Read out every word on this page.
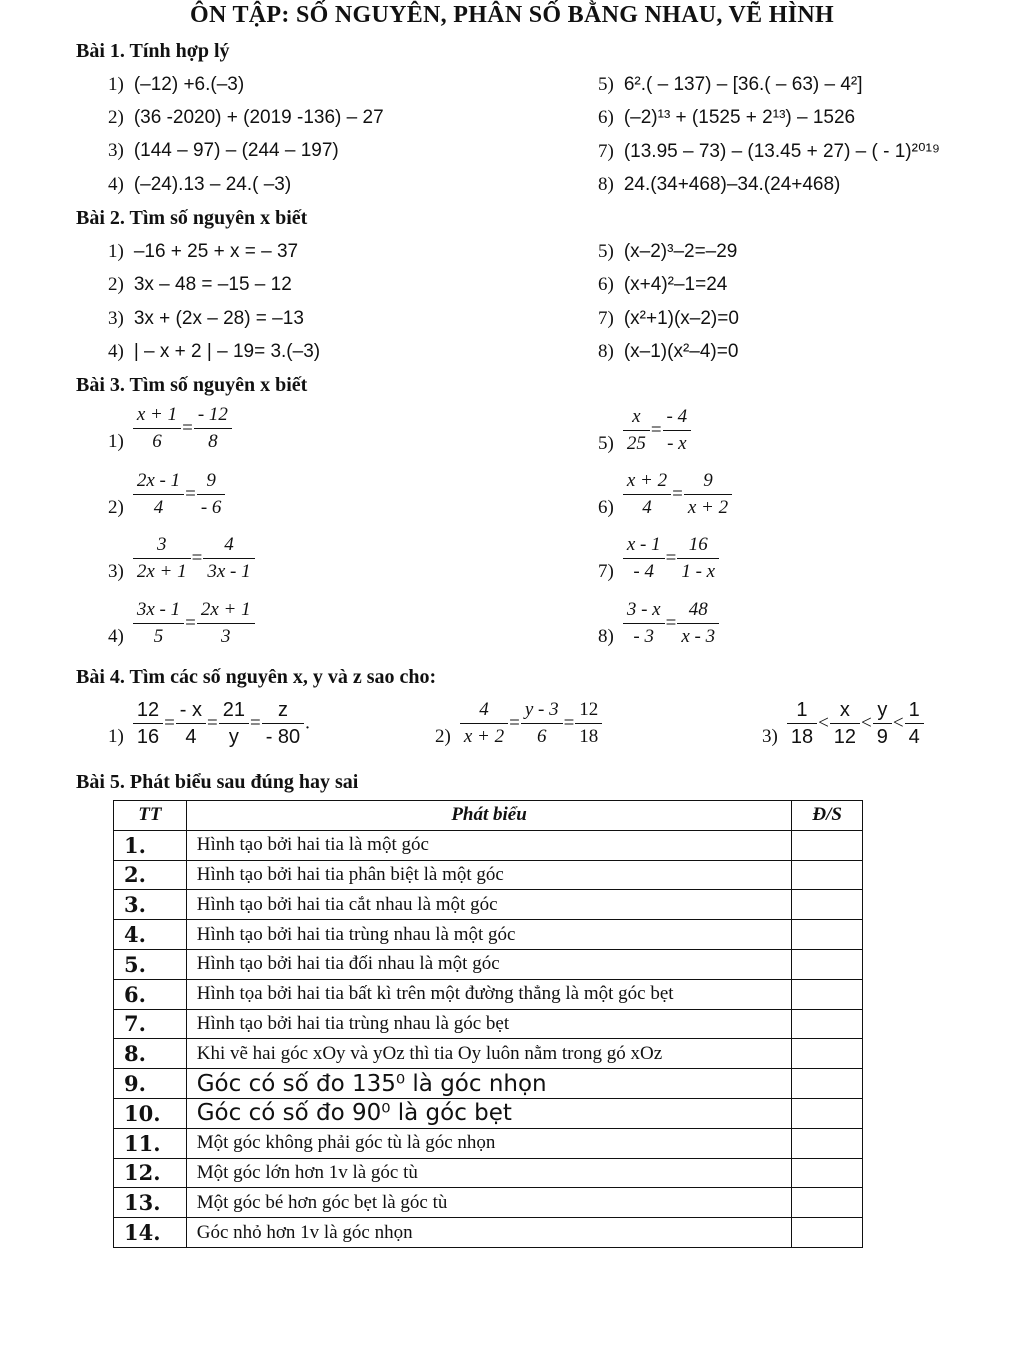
ÔN TẬP: SỐ NGUYÊN, PHÂN SỐ BẰNG NHAU, VẼ HÌNH
Bài 1. Tính hợp lý
1) (–12) +6.(–3)
2) (36 -2020) + (2019 -136) – 27
3) (144 – 97) – (244 – 197)
4) (–24).13 – 24.( –3)
5) 6².( – 137) – [36.( – 63) – 4²]
6) (–2)¹³ + (1525 + 2¹³) – 1526
7) (13.95 – 73) – (13.45 + 27) – ( - 1)²⁰¹⁹
8) 24.(34+468)–34.(24+468)
Bài 2. Tìm số nguyên x biết
1) –16 + 25 + x = – 37
2) 3x – 48 = –15 – 12
3) 3x + (2x – 28) = –13
4) | – x + 2 | – 19= 3.(–3)
5) (x–2)³–2=–29
6) (x+4)²–1=24
7) (x²+1)(x–2)=0
8) (x–1)(x²–4)=0
Bài 3. Tìm số nguyên x biết
$1) \frac{x + 1}{6} = \frac{- 12}{8}$
$2) \frac{2x - 1}{4} = \frac{9}{- 6}$
$3) \frac{3}{2x + 1} = \frac{4}{3x - 1}$
$4) \frac{3x - 1}{5} = \frac{2x + 1}{3}$
$5) \frac{x}{25} = \frac{- 4}{- x}$
$6) \frac{x + 2}{4} = \frac{9}{x + 2}$
$7) \frac{x - 1}{- 4} = \frac{16}{1 - x}$
$8) \frac{3 - x}{- 3} = \frac{48}{x - 3}$
Bài 4. Tìm các số nguyên x, y và z sao cho:
$1) \frac{12}{16} = \frac{- x}{4} = \frac{21}{y} = \frac{z}{- 80}$ .
$2) \frac{4}{x + 2} = \frac{y - 3}{6} = \frac{12}{18}$	$3) \frac{1}{18} < \frac{x}{12} < \frac{y}{9} < \frac{1}{4}$
Bài 5. Phát biểu sau đúng hay sai
TT	Phát biểu	Đ/S
1.	Hình tạo bởi hai tia là một góc	
2.	Hình tạo bởi hai tia phân biệt là một góc	
3.	Hình tạo bởi hai tia cắt nhau là một góc	
4.	Hình tạo bởi hai tia trùng nhau là một góc	
5.	Hình tạo bởi hai tia đối nhau là một góc	
6.	Hình tọa bởi hai tia bất kì trên một đường thẳng là một góc bẹt	
7.	Hình tạo bởi hai tia trùng nhau là góc bẹt	
8.	Khi vẽ hai góc xOy và yOz thì tia Oy luôn nằm trong gó xOz	
9.	Góc có số đo 135⁰ là góc nhọn	
10.	Góc có số đo 90⁰ là góc bẹt	
11.	Một góc không phải góc tù là góc nhọn	
12.	Một góc lớn hơn 1v là góc tù	
13.	Một góc bé hơn góc bẹt là góc tù	
14.	Góc nhỏ hơn 1v là góc nhọn	
